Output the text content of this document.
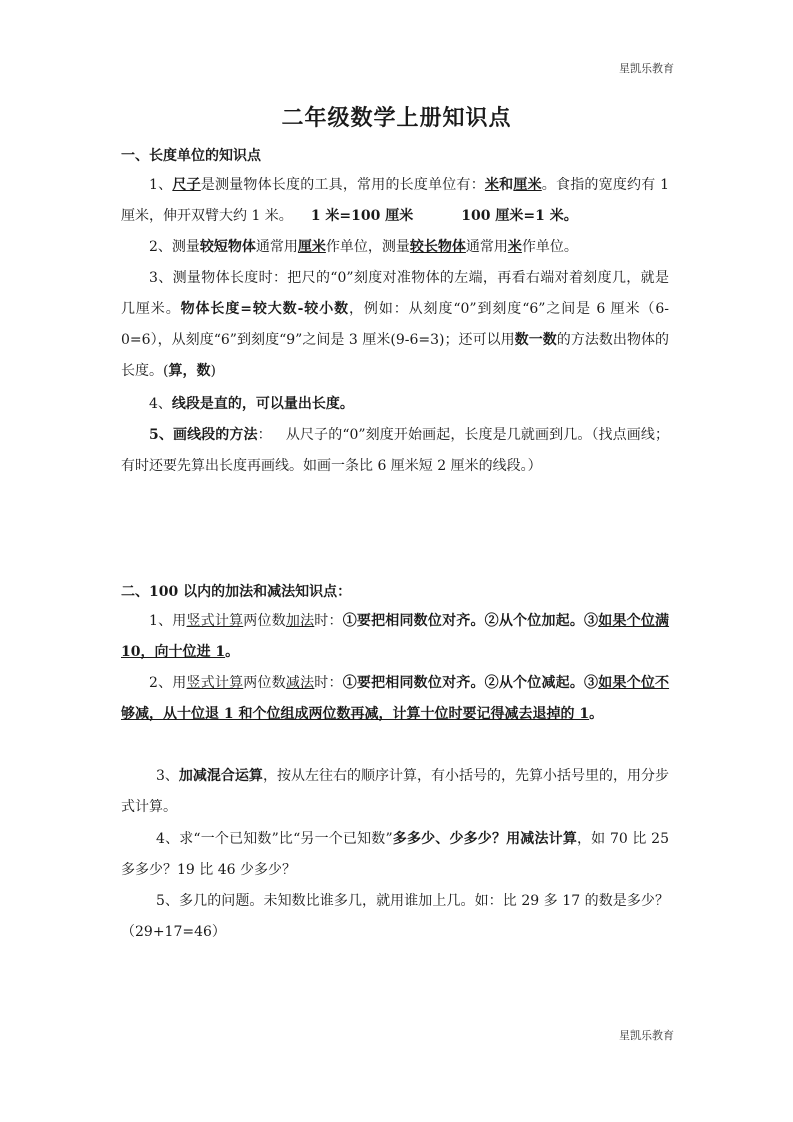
星凯乐教育
二年级数学上册知识点
一、长度单位的知识点
1、尺子是测量物体长度的工具，常用的长度单位有：米和厘米。食指的宽度约有 1 厘米，伸开双臂大约 1 米。 1 米=100 厘米	100 厘米=1 米。
2、测量较短物体通常用厘米作单位，测量较长物体通常用米作单位。
3、测量物体长度时：把尺的“0”刻度对准物体的左端，再看右端对着刻度几，就是几厘米。物体长度=较大数-较小数，例如：从刻度“0”到刻度“6”之间是 6 厘米（6-0=6），从刻度“6”到刻度“9”之间是 3 厘米(9-6=3)；还可以用数一数的方法数出物体的长度。(算，数)
4、线段是直的，可以量出长度。
5、画线段的方法： 从尺子的“0”刻度开始画起，长度是几就画到几。（找点画线；有时还要先算出长度再画线。如画一条比 6 厘米短 2 厘米的线段。）
二、100 以内的加法和减法知识点：
1、用竖式计算两位数加法时：①要把相同数位对齐。②从个位加起。③如果个位满 10，向十位进 1。
2、用竖式计算两位数减法时：①要把相同数位对齐。②从个位减起。③如果个位不够减，从十位退 1 和个位组成两位数再减，计算十位时要记得减去退掉的 1。
3、加减混合运算，按从左往右的顺序计算，有小括号的，先算小括号里的，用分步式计算。
4、求“一个已知数”比“另一个已知数”多多少、少多少？用减法计算，如 70 比 25 多多少？19 比 46 少多少？
5、多几的问题。未知数比谁多几，就用谁加上几。如：比 29 多 17 的数是多少？（29+17=46）
星凯乐教育
